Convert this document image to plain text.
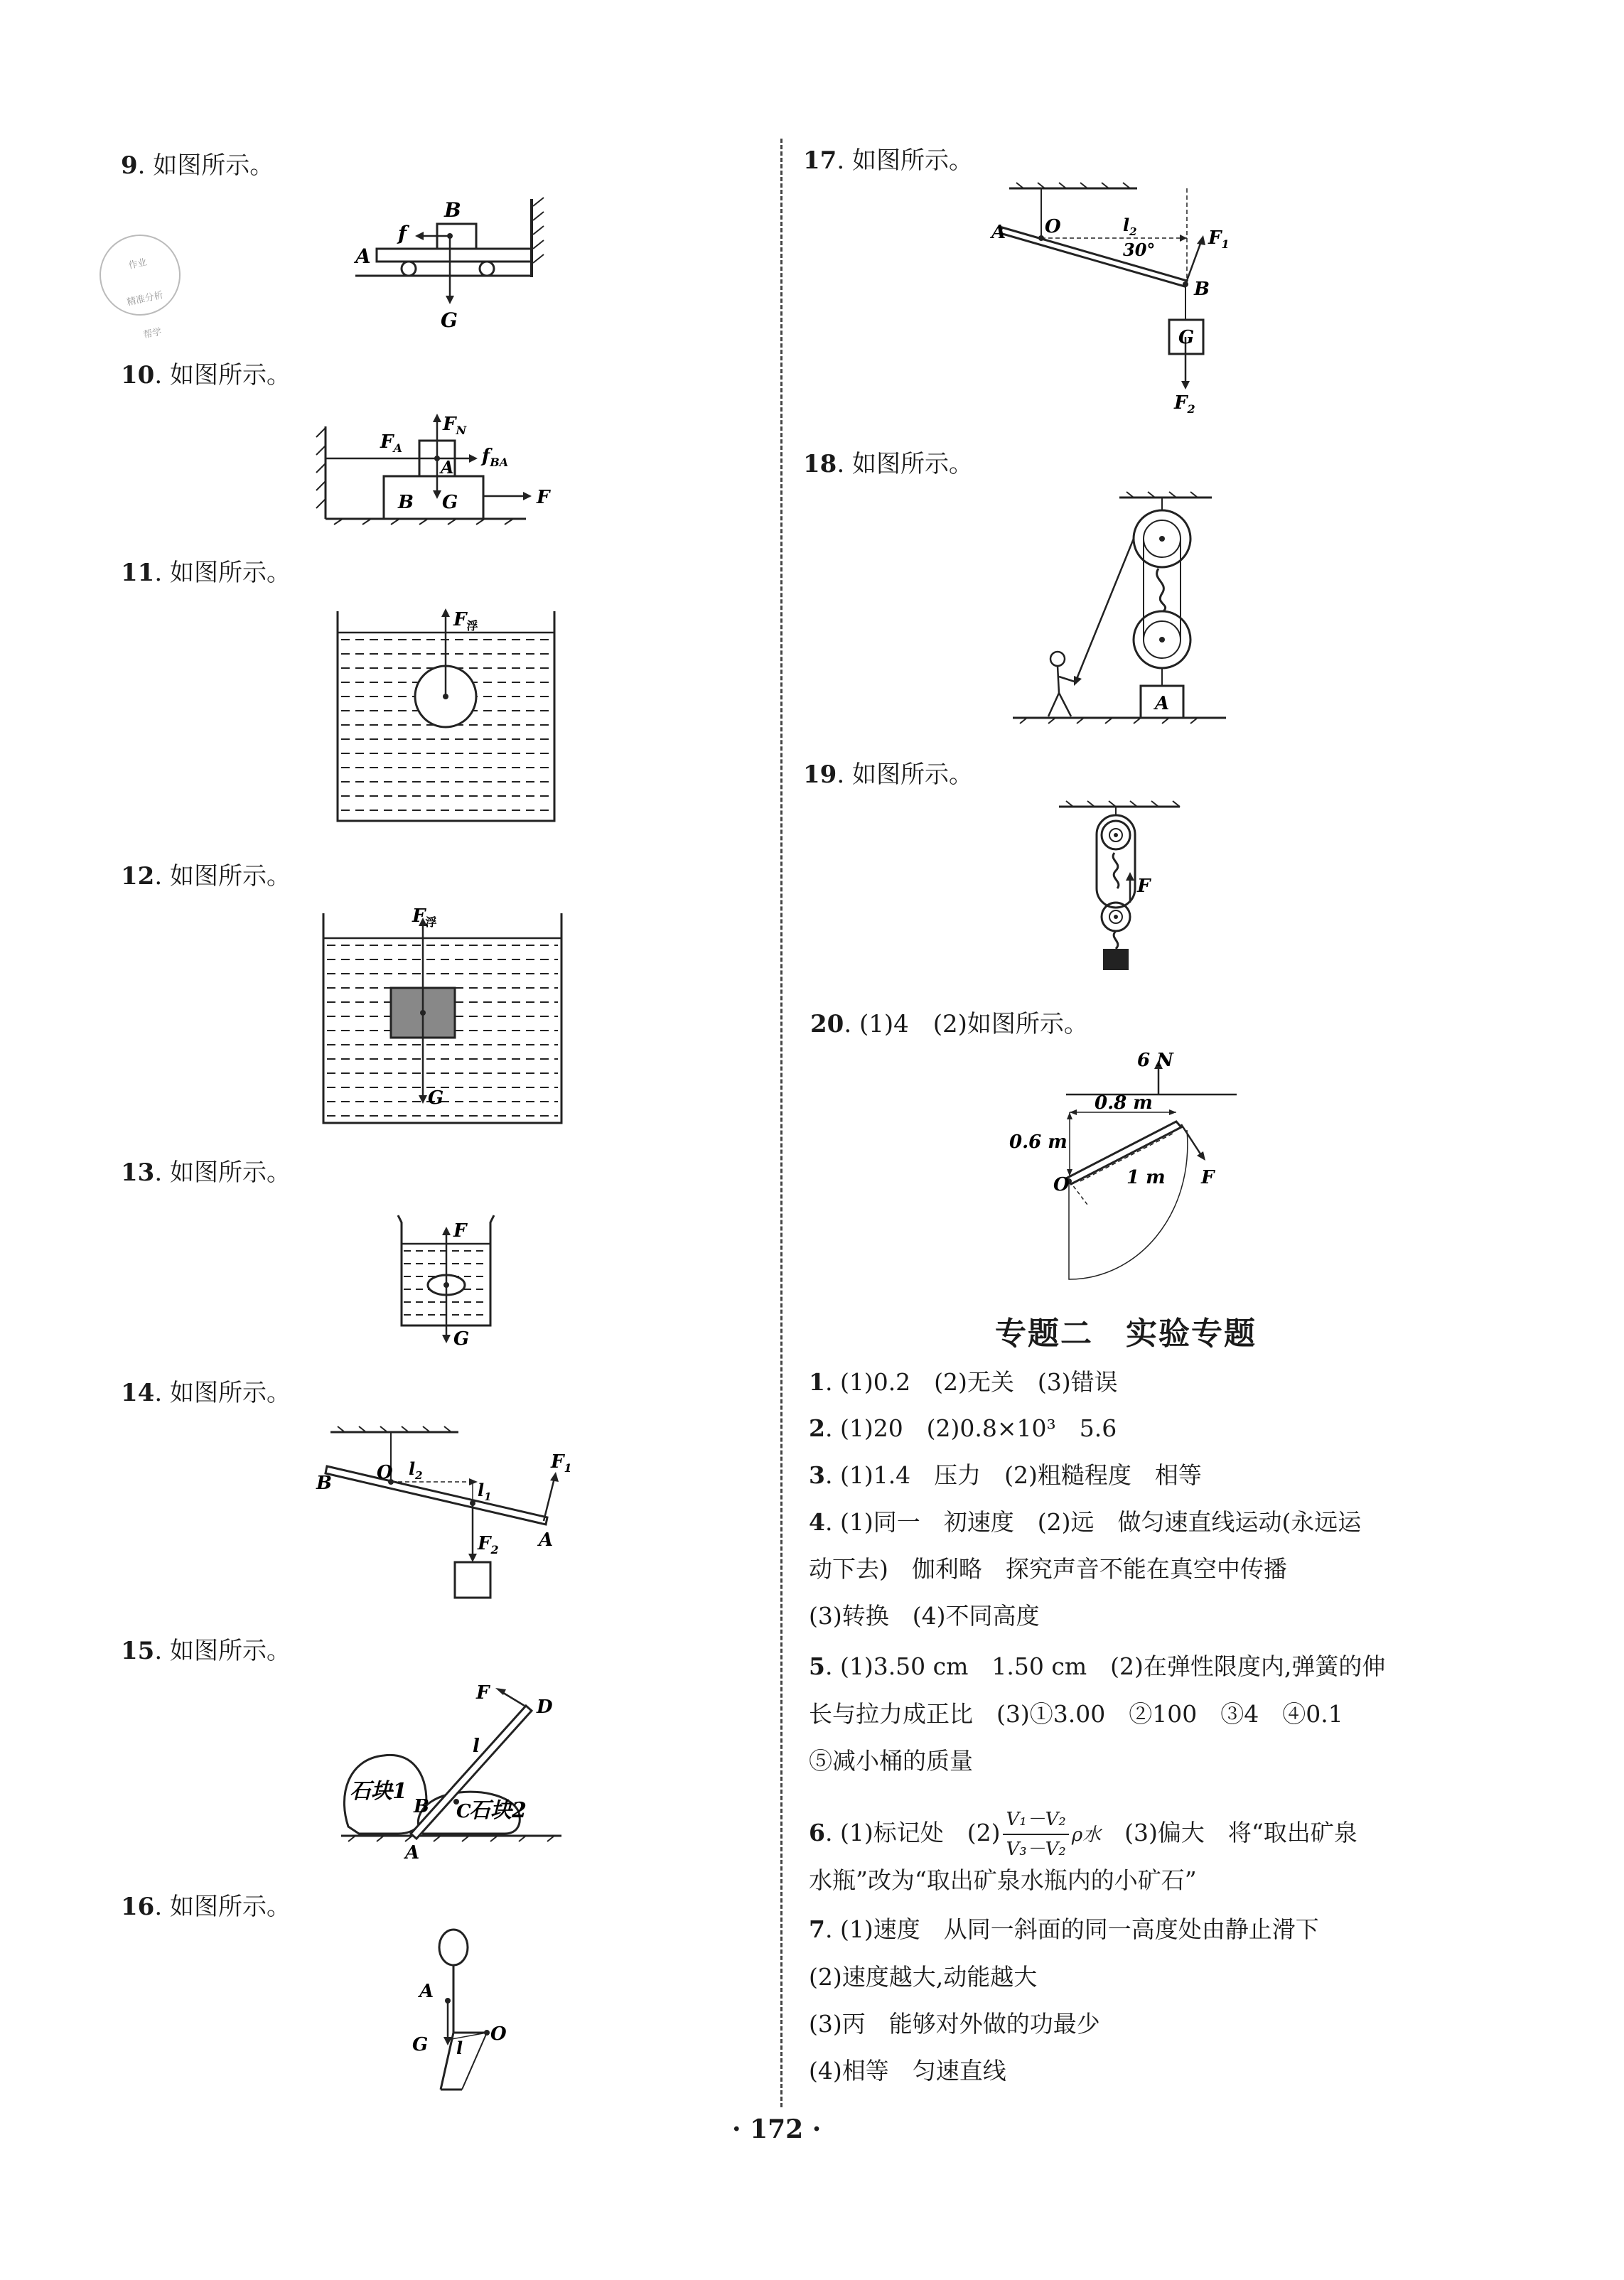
作业
精准分析
帮学
9. 如图所示。
10. 如图所示。
11. 如图所示。
12. 如图所示。
13. 如图所示。
14. 如图所示。
15. 如图所示。
16. 如图所示。
f
B
A
G
$F_A$
$F_N$
A
$f_{BA}$
B G	F
$F_浮$
$F_浮$
G
F
G
$l_2$
O
$l_1$
$F_1$
B
$F_2$ A
F
D
l
石块1
B C
石块2
A
A
G l
O
17. 如图所示。
18. 如图所示。
19. 如图所示。
20. (1)4　(2)如图所示。
A O	$l_2$	$F_1$
30°
B
G
$F_2$
A
F
6 N
0.8 m
0.6 m
O	1 m F
专题二　实验专题
1. (1)0.2　(2)无关　(3)错误
2. (1)20　(2)0.8×10³　5.6
3. (1)1.4　压力　(2)粗糙程度　相等
4. (1)同一　初速度　(2)远　做匀速直线运动(永远运
动下去)　伽利略　探究声音不能在真空中传播
(3)转换　(4)不同高度
5. (1)3.50 cm　1.50 cm　(2)在弹性限度内,弹簧的伸
长与拉力成正比　(3)①3.00　②100　③4　④0.1
⑤减小桶的质量
6. (1)标记处　$(2) \frac{\text{V₁－V₂}}{\text{V₃－V₂}}$ ρ水　(3)偏大　将“取出矿泉
水瓶”改为“取出矿泉水瓶内的小矿石”
7. (1)速度　从同一斜面的同一高度处由静止滑下
(2)速度越大,动能越大
(3)丙　能够对外做的功最少
(4)相等　匀速直线
· 172 ·
